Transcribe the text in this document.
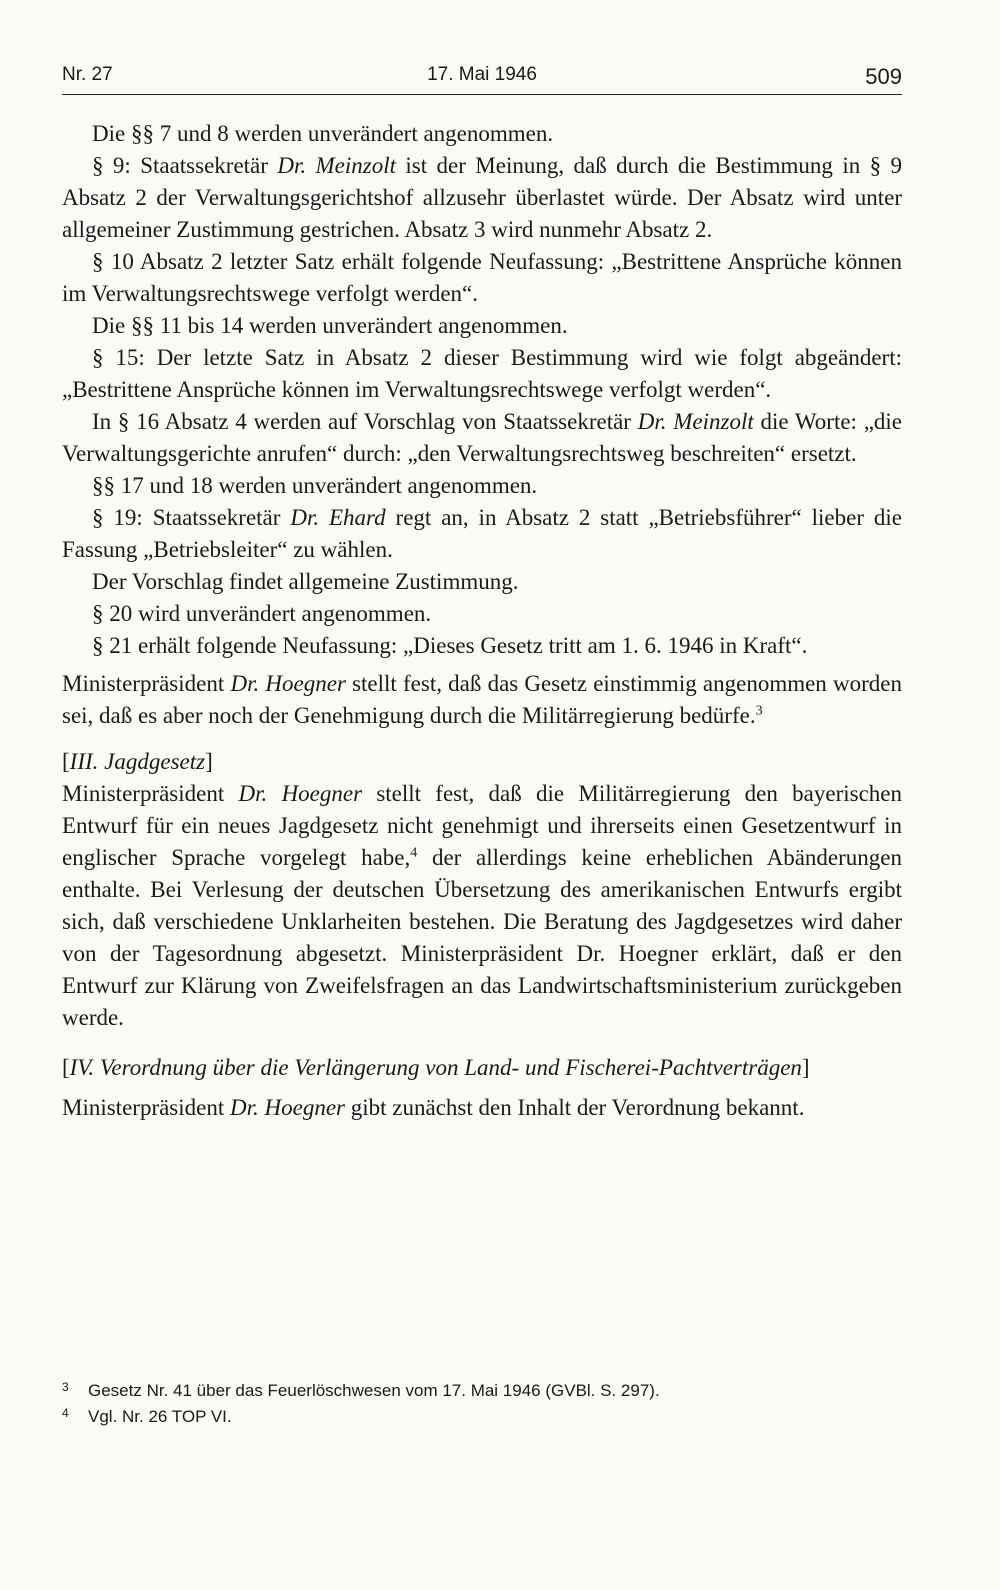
Nr. 27	17. Mai 1946	509

Die §§ 7 und 8 werden unverändert angenommen.

§ 9: Staatssekretär Dr. Meinzolt ist der Meinung, daß durch die Bestimmung in § 9 Absatz 2 der Verwaltungsgerichtshof allzusehr überlastet würde. Der Absatz wird unter allgemeiner Zustimmung gestrichen. Absatz 3 wird nunmehr Absatz 2.

§ 10 Absatz 2 letzter Satz erhält folgende Neufassung: „Bestrittene Ansprüche können im Verwaltungsrechtswege verfolgt werden“.

Die §§ 11 bis 14 werden unverändert angenommen.

§ 15: Der letzte Satz in Absatz 2 dieser Bestimmung wird wie folgt abgeändert: „Bestrittene Ansprüche können im Verwaltungsrechtswege verfolgt werden“.

In § 16 Absatz 4 werden auf Vorschlag von Staatssekretär Dr. Meinzolt die Worte: „die Verwaltungsgerichte anrufen“ durch: „den Verwaltungsrechtsweg beschreiten“ ersetzt.

§§ 17 und 18 werden unverändert angenommen.

§ 19: Staatssekretär Dr. Ehard regt an, in Absatz 2 statt „Betriebsführer“ lieber die Fassung „Betriebsleiter“ zu wählen.

Der Vorschlag findet allgemeine Zustimmung.

§ 20 wird unverändert angenommen.

§ 21 erhält folgende Neufassung: „Dieses Gesetz tritt am 1. 6. 1946 in Kraft“.

Ministerpräsident Dr. Hoegner stellt fest, daß das Gesetz einstimmig angenommen worden sei, daß es aber noch der Genehmigung durch die Militärregierung bedürfe.$^3$

[III. Jagdgesetz]

Ministerpräsident Dr. Hoegner stellt fest, daß die Militärregierung den bayerischen Entwurf für ein neues Jagdgesetz nicht genehmigt und ihrerseits einen Gesetzentwurf in englischer Sprache vorgelegt habe,$^4$ der allerdings keine erheblichen Abänderungen enthalte. Bei Verlesung der deutschen Übersetzung des amerikanischen Entwurfs ergibt sich, daß verschiedene Unklarheiten bestehen. Die Beratung des Jagdgesetzes wird daher von der Tagesordnung abgesetzt. Ministerpräsident Dr. Hoegner erklärt, daß er den Entwurf zur Klärung von Zweifelsfragen an das Landwirtschaftsministerium zurückgeben werde.

[IV. Verordnung über die Verlängerung von Land- und Fischerei-Pachtverträgen]

Ministerpräsident Dr. Hoegner gibt zunächst den Inhalt der Verordnung bekannt.

3 Gesetz Nr. 41 über das Feuerlöschwesen vom 17. Mai 1946 (GVBl. S. 297).
4 Vgl. Nr. 26 TOP VI.
